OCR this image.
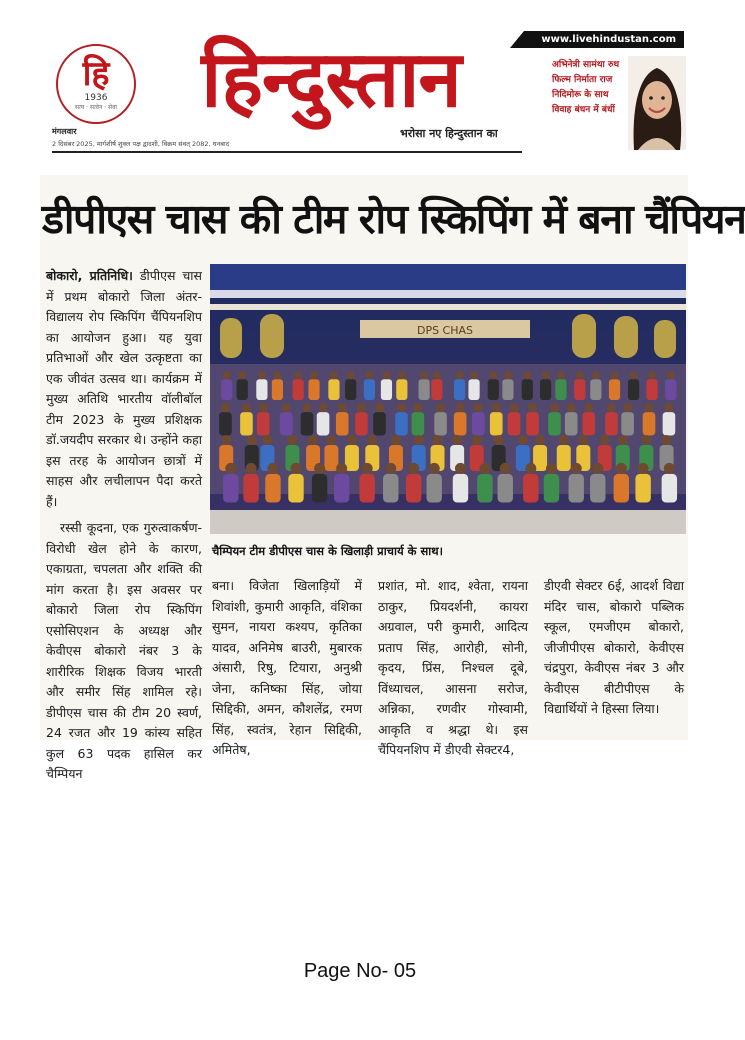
हि
1936
सत्य · सत्वेन · सेवा	हिन्दुस्तान
मंगलवार
2 दिसंबर 2025, मार्गशीर्ष शुक्ल पक्ष द्वादशी, विक्रम संवत् 2082, धनबाद
भरोसा नए हिन्दुस्तान का
www.livehindustan.com
अभिनेत्री सामंथा रुथ
फिल्म निर्माता राज
निदिमोरू के साथ
विवाह बंधन में बंधीं
डीपीएस चास की टीम रोप स्किपिंग में बना चैंपियन
बोकारो, प्रतिनिधि। डीपीएस चास में प्रथम बोकारो जिला अंतर-विद्यालय रोप स्किपिंग चैंपियनशिप का आयोजन हुआ। यह युवा प्रतिभाओं और खेल उत्कृष्टता का एक जीवंत उत्सव था। कार्यक्रम में मुख्य अतिथि भारतीय वॉलीबॉल टीम 2023 के मुख्य प्रशिक्षक डॉ.जयदीप सरकार थे। उन्होंने कहा इस तरह के आयोजन छात्रों में साहस और लचीलापन पैदा करते हैं।
रस्सी कूदना, एक गुरुत्वाकर्षण-विरोधी खेल होने के कारण, एकाग्रता, चपलता और शक्ति की मांग करता है। इस अवसर पर बोकारो जिला रोप स्किपिंग एसोसिएशन के अध्यक्ष और केवीएस बोकारो नंबर 3 के शारीरिक शिक्षक विजय भारती और समीर सिंह शामिल रहे। डीपीएस चास की टीम 20 स्वर्ण, 24 रजत और 19 कांस्य सहित कुल 63 पदक हासिल कर चैम्पियन
DPS CHAS
चैम्पियन टीम डीपीएस चास के खिलाड़ी प्राचार्य के साथ।
बना। विजेता खिलाड़ियों में शिवांशी, कुमारी आकृति, वंशिका सुमन, नायरा कश्यप, कृतिका यादव, अनिमेष बाउरी, मुबारक अंसारी, रिषु, टियारा, अनुश्री जेना, कनिष्का सिंह, जोया सिद्दिकी, अमन, कौशलेंद्र, रमण सिंह, स्वतंत्र, रेहान सिद्दिकी, अमितेष,
प्रशांत, मो. शाद, श्वेता, रायना ठाकुर, प्रियदर्शनी, कायरा अग्रवाल, परी कुमारी, आदित्य प्रताप सिंह, आरोही, सोनी, कृदय, प्रिंस, निश्चल दूबे, विंध्याचल, आसना सरोज, अन्निका, रणवीर गोस्वामी, आकृति व श्रद्धा थे। इस चैंपियनशिप में डीएवी सेक्टर4,
डीएवी सेक्टर 6ई, आदर्श विद्या मंदिर चास, बोकारो पब्लिक स्कूल, एमजीएम बोकारो, जीजीपीएस बोकारो, केवीएस चंद्रपुरा, केवीएस नंबर 3 और केवीएस बीटीपीएस के विद्यार्थियों ने हिस्सा लिया।
Page No- 05
